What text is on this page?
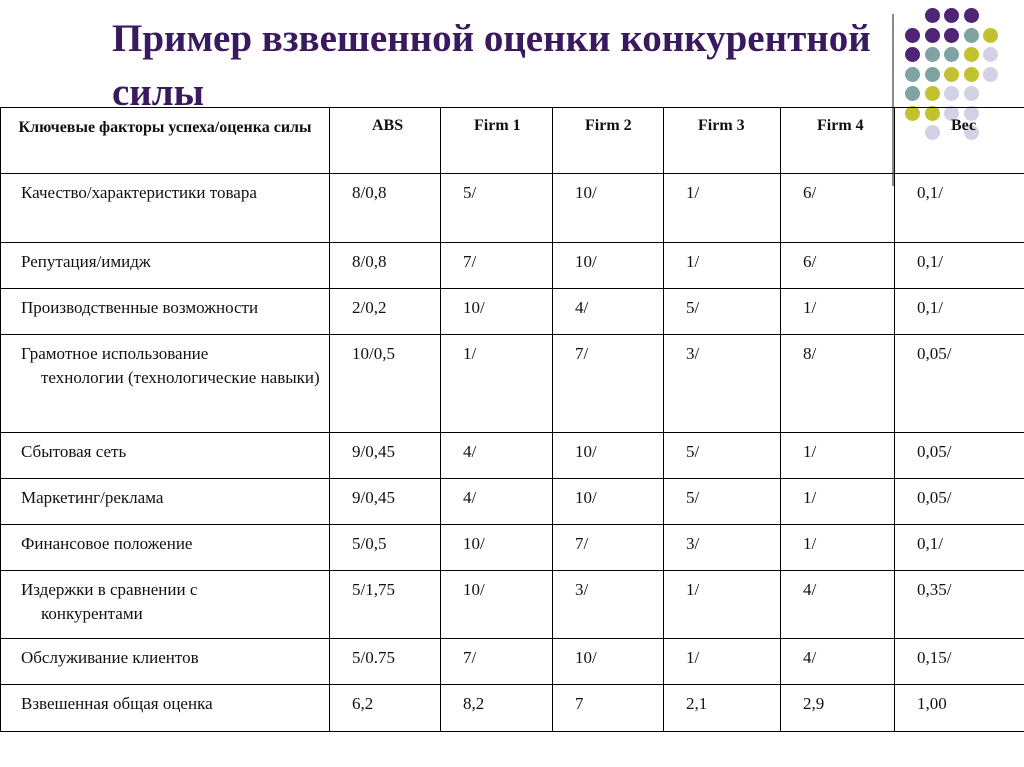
Пример взвешенной оценки конкурентной силы
Ключевые факторы успеха/оценка силы	ABS	Firm 1	Firm 2	Firm 3	Firm 4	Вес
Качество/характеристики товара	8/0,8	5/	10/	1/	6/	0,1/
Репутация/имидж	8/0,8	7/	10/	1/	6/	0,1/
Производственные возможности	2/0,2	10/	4/	5/	1/	0,1/
Грамотное использование
технологии (технологические навыки)	10/0,5	1/	7/	3/	8/	0,05/
Сбытовая сеть	9/0,45	4/	10/	5/	1/	0,05/
Маркетинг/реклама	9/0,45	4/	10/	5/	1/	0,05/
Финансовое положение	5/0,5	10/	7/	3/	1/	0,1/
Издержки в сравнении с
конкурентами	5/1,75	10/	3/	1/	4/	0,35/
Обслуживание клиентов	5/0.75	7/	10/	1/	4/	0,15/
Взвешенная общая оценка	6,2	8,2	7	2,1	2,9	1,00
